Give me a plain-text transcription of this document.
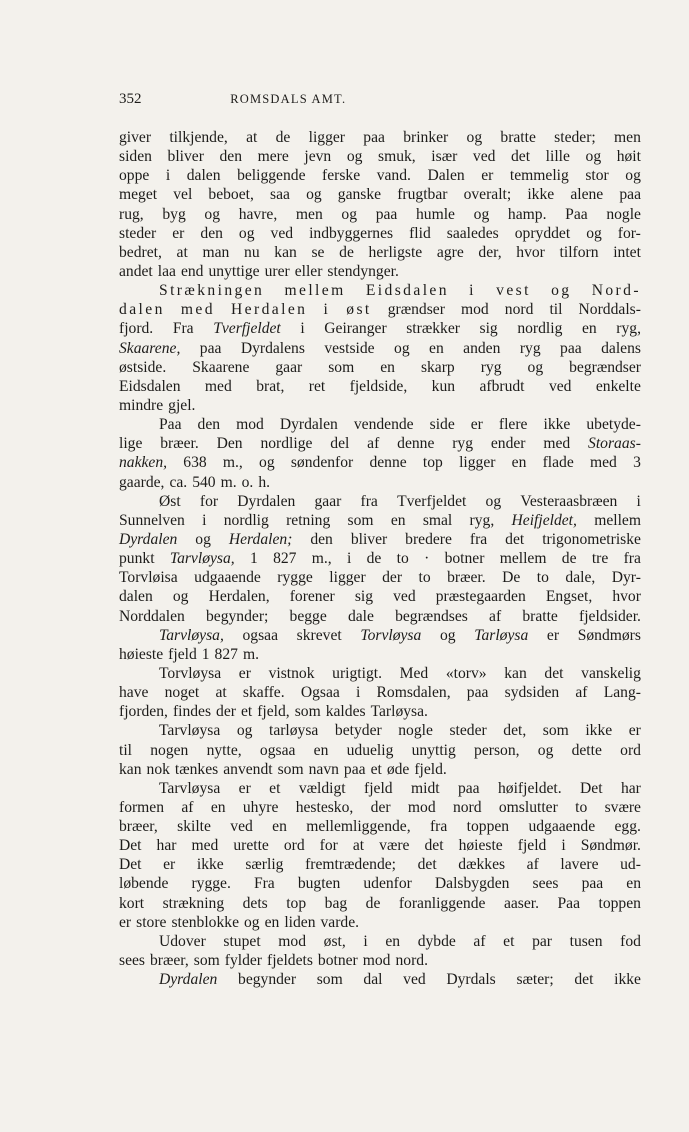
352	ROMSDALS AMT.
giver tilkjende, at de ligger paa brinker og bratte steder; men
siden bliver den mere jevn og smuk, især ved det lille og høit
oppe i dalen beliggende ferske vand. Dalen er temmelig stor og
meget vel beboet, saa og ganske frugtbar overalt; ikke alene paa
rug, byg og havre, men og paa humle og hamp. Paa nogle
steder er den og ved indbyggernes flid saaledes opryddet og for-
bedret, at man nu kan se de herligste agre der, hvor tilforn intet
andet laa end unyttige urer eller stendynger.
Strækningen mellem Eidsdalen i vest og Nord-
dalen med Herdalen i øst grændser mod nord til Norddals-
fjord. Fra Tverfjeldet i Geiranger strækker sig nordlig en ryg,
Skaarene, paa Dyrdalens vestside og en anden ryg paa dalens
østside. Skaarene gaar som en skarp ryg og begrændser
Eidsdalen med brat, ret fjeldside, kun afbrudt ved enkelte
mindre gjel.
Paa den mod Dyrdalen vendende side er flere ikke ubetyde-
lige bræer. Den nordlige del af denne ryg ender med Storaas-
nakken, 638 m., og søndenfor denne top ligger en flade med 3
gaarde, ca. 540 m. o. h.
Øst for Dyrdalen gaar fra Tverfjeldet og Vesteraasbræen i
Sunnelven i nordlig retning som en smal ryg, Heifjeldet, mellem
Dyrdalen og Herdalen; den bliver bredere fra det trigonometriske
punkt Tarvløysa, 1 827 m., i de to · botner mellem de tre fra
Torvløisa udgaaende rygge ligger der to bræer. De to dale, Dyr-
dalen og Herdalen, forener sig ved præstegaarden Engset, hvor
Norddalen begynder; begge dale begrændses af bratte fjeldsider.
Tarvløysa, ogsaa skrevet Torvløysa og Tarløysa er Søndmørs
høieste fjeld 1 827 m.
Torvløysa er vistnok urigtigt. Med «torv» kan det vanskelig
have noget at skaffe. Ogsaa i Romsdalen, paa sydsiden af Lang-
fjorden, findes der et fjeld, som kaldes Tarløysa.
Tarvløysa og tarløysa betyder nogle steder det, som ikke er
til nogen nytte, ogsaa en uduelig unyttig person, og dette ord
kan nok tænkes anvendt som navn paa et øde fjeld.
Tarvløysa er et vældigt fjeld midt paa høifjeldet. Det har
formen af en uhyre hestesko, der mod nord omslutter to svære
bræer, skilte ved en mellemliggende, fra toppen udgaaende egg.
Det har med urette ord for at være det høieste fjeld i Søndmør.
Det er ikke særlig fremtrædende; det dækkes af lavere ud-
løbende rygge. Fra bugten udenfor Dalsbygden sees paa en
kort strækning dets top bag de foranliggende aaser. Paa toppen
er store stenblokke og en liden varde.
Udover stupet mod øst, i en dybde af et par tusen fod
sees bræer, som fylder fjeldets botner mod nord.
Dyrdalen begynder som dal ved Dyrdals sæter; det ikke
